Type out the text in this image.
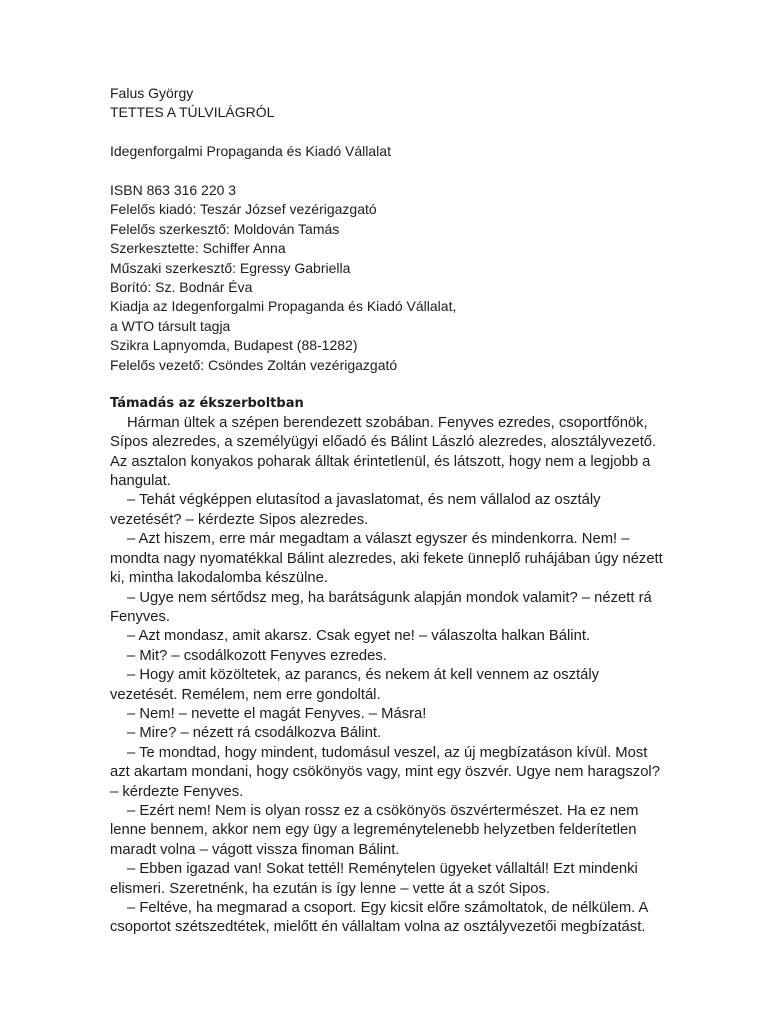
Falus György

TETTES A TÚLVILÁGRÓL

Idegenforgalmi Propaganda és Kiadó Vállalat

ISBN 863 316 220 3

Felelős kiadó: Teszár József vezérigazgató

Felelős szerkesztő: Moldován Tamás

Szerkesztette: Schiffer Anna

Műszaki szerkesztő: Egressy Gabriella

Borító: Sz. Bodnár Éva

Kiadja az Idegenforgalmi Propaganda és Kiadó Vállalat,

a WTO társult tagja

Szikra Lapnyomda, Budapest (88-1282)

Felelős vezető: Csöndes Zoltán vezérigazgató

Támadás az ékszerboltban

Hárman ültek a szépen berendezett szobában. Fenyves ezredes, csoportfőnök, Sípos alezredes, a személyügyi előadó és Bálint László alezredes, alosztályvezető. Az asztalon konyakos poharak álltak érintetlenül, és látszott, hogy nem a legjobb a hangulat.

– Tehát végképpen elutasítod a javaslatomat, és nem vállalod az osztály vezetését? – kérdezte Sipos alezredes.

– Azt hiszem, erre már megadtam a választ egyszer és mindenkorra. Nem! – mondta nagy nyomatékkal Bálint alezredes, aki fekete ünneplő ruhájában úgy nézett ki, mintha lakodalomba készülne.

– Ugye nem sértődsz meg, ha barátságunk alapján mondok valamit? – nézett rá Fenyves.

– Azt mondasz, amit akarsz. Csak egyet ne! – válaszolta halkan Bálint.

– Mit? – csodálkozott Fenyves ezredes.

– Hogy amit közöltetek, az parancs, és nekem át kell vennem az osztály vezetését. Remélem, nem erre gondoltál.

– Nem! – nevette el magát Fenyves. – Másra!

– Mire? – nézett rá csodálkozva Bálint.

– Te mondtad, hogy mindent, tudomásul veszel, az új megbízatáson kívül. Most azt akartam mondani, hogy csökönyös vagy, mint egy öszvér. Ugye nem haragszol? – kérdezte Fenyves.

– Ezért nem! Nem is olyan rossz ez a csökönyös öszvértermészet. Ha ez nem lenne bennem, akkor nem egy ügy a legreménytelenebb helyzetben felderítetlen maradt volna – vágott vissza finoman Bálint.

– Ebben igazad van! Sokat tettél! Reménytelen ügyeket vállaltál! Ezt mindenki elismeri. Szeretnénk, ha ezután is így lenne – vette át a szót Sipos.

– Feltéve, ha megmarad a csoport. Egy kicsit előre számoltatok, de nélkülem. A csoportot szétszedtétek, mielőtt én vállaltam volna az osztályvezetői megbízatást.
